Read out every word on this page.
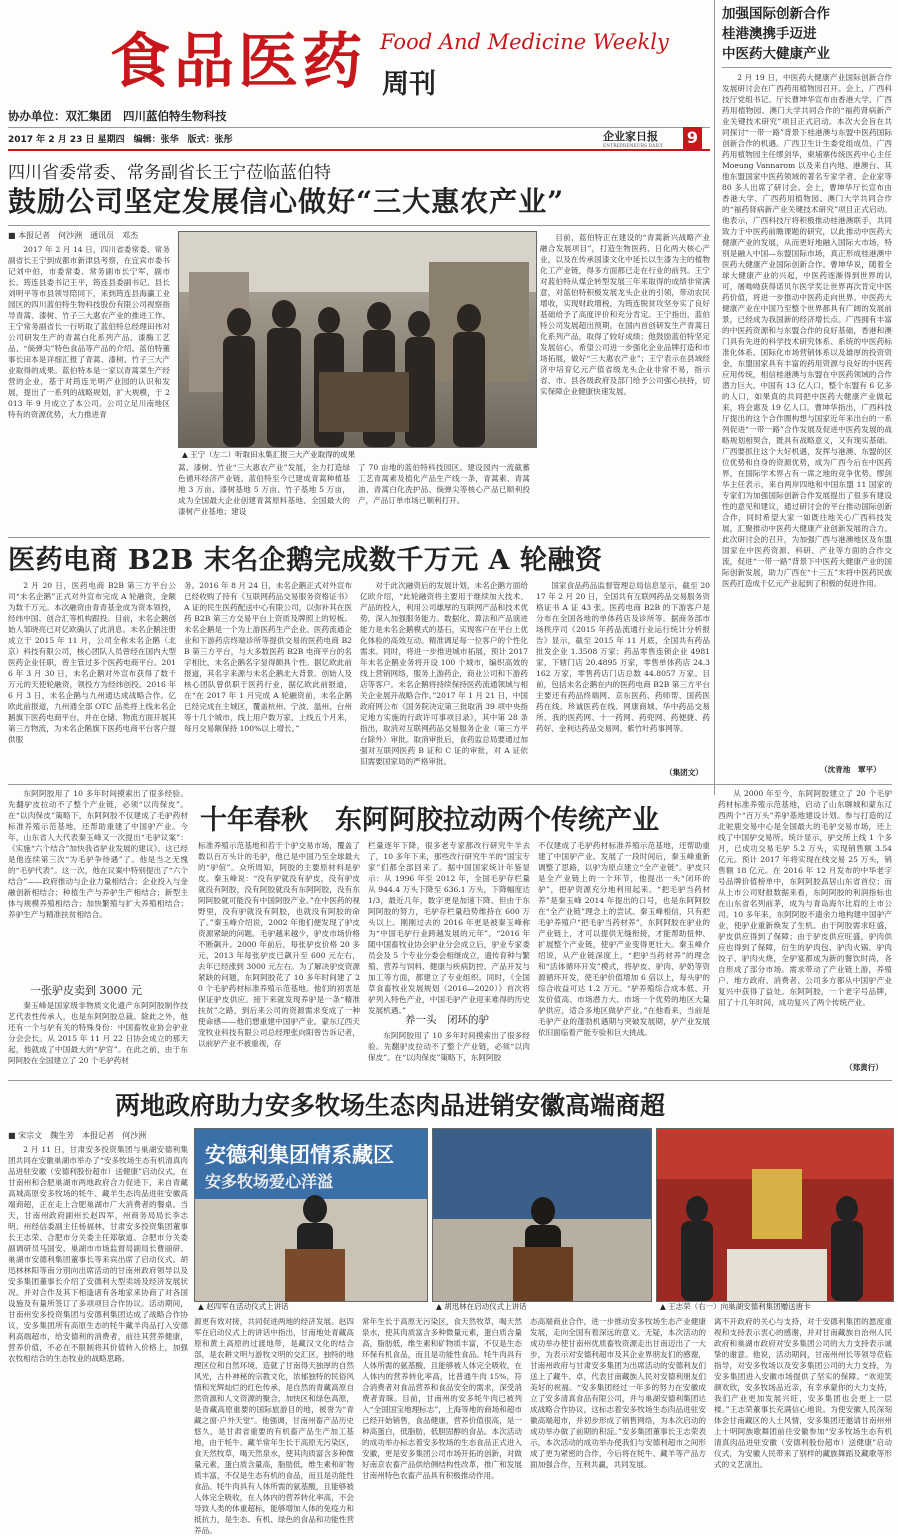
食品医药 Food And Medicine Weekly
周刊
协办单位：双汇集团　四川蓝伯特生物科技
2017 年 2 月 23 日 星期四　编辑：张华　版式：张彤	企业家日报
ENTREPRENEURS DAILY	9
加强国际创新合作
桂港澳携手迈进
中医药大健康产业
2 月 19 日，中医药大健康产业国际创新合作发展研讨会在广西药用植物园召开。会上，广西科技厅党组书记、厅长曹坤华宣布由香港大学、广西药用植物园、澳门大学共同合作的“福药肾病新产业关键技术研究”项目正式启动。本次大会旨在共同探讨“一带一路”背景下桂港澳与东盟中医药国际创新合作的机遇。广西卫生计生委党组成员、广西药用植物园主任缪剑华，柬埔寨传统医药中心主任 Moeung Vannarom 以及来自内地、港澳台、其他东盟国家中医药领域的著名专家学者、企业家等 80 多人出席了研讨会。会上，曹坤华厅长宣布由香港大学、广西药用植物园、澳门大学共同合作的“福药肾病新产业关键技术研究”项目正式启动。他表示，广西科技厅将积极推动桂港澳联手，共同致力于中医药前瞻课题的研究，以此推动中医药大健康产业的发展，从而更好地融入国际大市场，特别是融入中国—东盟国际市场，真正形成桂港澳中医药大健康产业国际创新合作。曹坤华说，随着全球大健康产业的兴起，中医药逐渐得到世界的认可，屠呦呦获得诺贝尔医学奖让世界再次肯定中医药价值，将进一步推动中医药走向世界。中医药大健康产业在中国乃至整个世界都具有广阔的发展前景，已经成为我国新的经济增长点。广西拥有丰富的中医药资源和与东盟合作的良好基础，香港和澳门具有先进的科学技术研究体系、系统的中医药标准化体系、国际化市场营销体系以及雄厚的投资资金，东盟国家具有丰富的药用资源与良好的中医药应用传统，相信桂港澳与东盟在中医药领域的合作潜力巨大。中国有 13 亿人口，整个东盟有 6 亿多的人口，如果真的共同把中医药大健康产业做起来，将会惠及 19 亿人口。曹坤华指出，广西科技厅提出的这个合作圈构想与国家近年来出台的一系列促进“一带一路”合作发展及促进中医药发展的战略规划相契合，既具有战略意义，又有现实基础。广西要抓住这个大好机遇，发挥与港澳、东盟的区位优势和自身的资源优势，成为广西今后在中医药界，在国际学术界占有一席之地的竞争优势。缪剑华主任表示，来自两岸四地和中国东盟 11 国家的专家们为加强国际创新合作发展提出了很多有建设性的意见和建议，通过研讨会的平台推动国际创新合作，同时希望大家一如既往地关心广西科技发展，汇聚推动中医药大健康产业创新发展的合力。此次研讨会的召开，为加强广西与港澳地区及东盟国家在中医药资源、科研、产业等方面的合作交流，促进“一带一路”背景下中医药大健康产业的国际创新发展，助力广西在“十三五”末将中医药民族医药打造成千亿元产业起到了积极的促进作用。
（沈青池　覃平）
四川省委常委、常务副省长王宁莅临蓝伯特
鼓励公司坚定发展信心做好“三大惠农产业”
■ 本报记者　何沙洲　通讯员　邓杰

2017 年 2 月 14 日，四川省委常委、常务副省长王宁到成都市新津县考察，在宜宾市委书记刘中伯，市委常委、常务副市长宁军，副市长、筠连县委书记王平，筠连县委副书记、县长刘明平等市县领导陪同下，来到筠连县海瀛工业园区的四川蓝伯特生物科技股份有限公司视察指导青蒿、漆树、竹子三大惠农产业的推进工作。王宁常务副省长一行听取了蓝伯特总经理田伟对公司研发生产的青蒿白化系列产品、漆酶工艺品、“倘弹尖”特色食品等产品的介绍。蓝伯特董事长田本是详细汇报了青蒿、漆树、竹子三大产业取得的成果。蓝伯特本是一家以青蒿菜生产经营的企业，基于对筠连光明产业园的认识和发展，提出了一系列的战略规划，扩大规模，于 2013 年 9 月成立了本公司。公司立足川南地区特有的资源优势，大力推进青

▲ 王宁（左二）听取田永集汇报三大产业取得的成果
蒿、漆树、竹业“三大惠农产业”发展，全力打造绿色循环经济产业链。蓝伯特至今已建成青蒿种植基地 3 万亩、漆树基地 5 万亩、竹子基地 5 万亩，成为全国最大企业创建青蒿原料基地、全国最大的漆树产业基地；建设
了 70 亩地的蓝伯特科技园区。建设园内一流截蓄工艺青蒿素及植化产品生产线一条，青蒿素、青蒿油、青蒿白化洗护品、倘弹尖等核心产品已顺利投产，产品订单市场已顺利打开。

目前，蓝伯特正在建设的“青蒿新兴战略产业融合发展项目”，打造生物医药、日化两大核心产业，以及在传承国漆文化中延长以生漆为主的植物化工产业链，得多方面都已走在行业的前列。王宁对蓝伯特从煤企转型发展三年来取得的成绩非常满意，对蓝伯特积极发展龙头企业的引领，带动农民增收，实现财政增税，为筠连脱贫攻坚夯实了良好基础给予了高度评价和充分肯定。王宁指出，蓝伯特公司发展超出预期，在国内首创研发生产青蒿日化系列产品，取得了较好成绩；他鼓励蓝伯特坚定发展信心，希望公司进一步强化企业品牌打造和市场拓展，做好“三大惠农产业”；王宁表示在县域经济中培育亿元产值省级龙头企业非常不易，指示省、市、县各级政府及部门给予公司强心扶持，切实保障企业健康快速发展。

医药电商 B2B 末名企鹅完成数千万元 A 轮融资

2 月 20 日，医药电商 B2B 第三方平台公司“未名企鹅”正式对外宣布完成 A 轮融资，金额为数千万元。本次融资由青青基金成为资本领投，经纬中国、创合汇等机构跟投。目前，未名企鹅创始人邹晓亮已对亿欧确认了此消息。未名企鹅注册成立于 2015 年 11 月，公司全称未名企鹅（北京）科技有限公司，核心团队人员曾经在国内大型医药企业任职，曾主管过多个医药电商平台。2016 年 3 月 30 日，未名企鹅对外宣布获得了数千万元的天使轮融资，领投方为经纬创投。2016 年 6 月 3 日，未名企鹅与九州通达成战略合作。亿欧此前报道，九州通全部 OTC 品类将上线未名企鹅旗下医药电商平台，并在仓储、物流方面开展其第三方物流，为未名企鹅旗下医药电商平台客户提供服

务。2016 年 8 月 24 日，未名企鹅正式对外宣布已经收购了持有《互联网药品交易服务资格证书》A 证的民生医药配送中心有限公司，以弥补其在医药 B2B 第三方交易平台上资质及牌照上的短板。未名企鹅是一个为上游医药生产企业、医药流通企业和下游药店终端诊所等提供交易的医药电商 B2B 第三方平台，与大多数医药 B2B 电商平台的名字相比，未名企鹅名字显得颇具个性。据亿欧此前报道，其名字来源与未名企鹅北大背景。创始人及核心团队曾供职于医药行业，据亿欧此前报道，在“在 2017 年 1 月完成 A 轮融资前，未名企鹅已经完成在主城区，覆盖杭州、宁波、温州、台州等十几个城市，线上用户数万家，上线五个月来，每月交易额保持 100%以上增长。”

对于此次融资后的发展计划，未名企鹅方面给亿欧介绍，“此轮融资将主要用于继续加大技术、产品的投入，利用公司雄厚的互联网产品和技术优势，深入加强服务能力。数据化、算法和产品演进能力是未名企鹅模式的基石，实现客户在平台上优化体验的高效互动。精准调足每一位客户的个性化需求。同时，将进一步推进城市拓展，预计 2017 年未名企鹅业务将开设 100 个城市，编织高效的线上营销网络，服务上游药企，商业公司和下游药店等客户。未名企鹅将持续保持医药流通领域与相关企业展开战略合作。”2017 年 1 月 21 日，中国政府网公布《国务院决定第三批取消 39 项中央指定地方实施的行政许可事项目录》，其中第 28 条指出，取消对互联网药品交易服务企业（第三方平台除外）审批。取消审批后，食药监总局要通过加强对互联网医药 B 证和 C 证的审批，对 A 证依旧需要国家局的严格审批。

国家食品药品监督管理总局信息显示，截至 2017 年 2 月 20 日，全国共有互联网药品交易服务资格证书 A 证 43 张。医药电商 B2B 的下游客户是分布在全国各地的单体药店及诊所等。据商务部市场秩序司《2015 年药品流通行业运行统计分析报告》显示，截至 2015 年 11 月底，全国共有药品批发企业 1.3508 万家；药品零售连锁企业 4981 家，下辖门店 20.4895 万家，零售单体药店 24.3162 万家，零售药店门店总数 44.8057 万家。目前，包括未名企鹅在内的医药电商 B2B 第三方平台主要还有药品终端网、京东医药、药师帮、国药医药在线、珍诚医药在线、网康商城、华中药品交易所、我的医药网、十一药网、药兜网、药便捷、药药好、金利达药品交易网、紫竹叶药事网等。

（集团文）
十年春秋　东阿阿胶拉动两个传统产业

东阿阿胶用了 10 多年时间摸索出了很多经验。先翻驴皮拉动不了整个产业链，必须“以肉保皮”。在“以肉保皮”策略下，东阿阿胶不仅建成了毛驴药材标准养殖示范基地，还帮助重建了中国驴产业。今年，山东省人大代表秦玉峰又一次提出“毛驴议案”：《实施“六个结合”加快我省驴业发展的建议》。这已经是他连续第三次“为毛驴争待遇”了。他是当之无愧的“毛驴代表”。这一次，他在议案中特别提出了“六个结合”——政府推动与企业力量相结合；企业投入与金融创新相结合；种植生产与养驴生产相结合；新型主体与规模养殖相结合；加快繁殖与扩大养殖相结合；养驴生产与精准扶贫相结合。

一张驴皮卖到 3000 元

秦玉峰是国家级非物质文化遗产东阿阿胶制作技艺代表性传承人，也是东阿阿胶总裁。除此之外，他还有一个与驴有关的特殊身份：中国畜牧业协会驴业分会会长。从 2015 年 11 月 22 日协会成立的那天起，他就成了中国最大的“驴官”。在此之前，由于东阿阿胶在全国建立了 20 个毛驴药材

标准养殖示范基地和若干个驴交易市场，覆盖了数以百万头计的毛驴，他已是中国乃至全球最大的“驴倌”。众所周知，阿胶的主要原材料是驴皮。秦玉峰说：“没有驴就没有驴皮，没有驴皮就没有阿胶，没有阿胶就没有东阿阿胶，没有东阿阿胶就可能没有中国阿胶产业。”在中医药的视野里，没有驴就没有阿胶，也就没有阿胶的命了。”秦玉峰介绍说，2002 年他们便发现了驴皮资源紧缺的问题。毛驴越来越少，驴皮市场价格不断飙升。2000 年前后，每张驴皮价格 20 多元，2013 年每张驴皮已飙升至 600 元左右，去年已经涨到 3000 元左右。为了解决驴皮资源紧缺的问题，东阿阿胶花了 10 多年时间建了 20 个毛驴药材标准养殖示范基地。他们的初衷是保证驴皮供应。接下来就发现养驴是一条“精准扶贫”之路，到后来公司的资源需求变成了一种使命感——他们想重建中国驴产业。蒙东辽西天宠牧业科技有限公司总经理张向阳曾告诉记者，以前驴产业不被重视，存
栏量逐年下降，很多老专家都改行研究牛羊去了，10 多年下来，那些改行研究牛羊的“国宝专家”们都全部回来了。据中国国家统计年鉴显示：从 1996 年至 2012 年，全国毛驴存栏量从 944.4 万头下降至 636.1 万头，下降幅度达 1/3，最近几年，数字更是加速下降。但由于东阿阿胶的努力，毛驴存栏量趋势维持在 600 万头以上。刚刚过去的 2016 年更是被秦玉峰称为“中国毛驴行业跨越发展的元年”。“2016 年随中国畜牧业协会驴业分会成立后，驴业专家委员会及 5 个专业分委会相继成立，遗传育种与繁殖、营养与饲料、健康与疾病防控、产品开发与加工等方面，都建立了专业组织。同时，《全国草食畜牧业发展规划（2016—2020）》首次将驴列入特色产业，中国毛驴产业迎来难得的历史发展机遇。”
养一头　闭环的驴

东阿阿胶用了 10 多年时间摸索出了很多经验。先翻驴皮拉动不了整个产业链，必须“以肉保皮”。在“以肉保皮”策略下，东阿阿胶

不仅建成了毛驴药材标准养殖示范基地，还帮助重建了中国驴产业。发展了一段时间后，秦玉峰重新调整了思路，以驴为原点建立“全产业链”。驴皮只是全产业链上的一个环节，他提出一头“闭环的驴”，把驴资源充分地利用起来。“把毛驴当药材养”是秦玉峰 2014 年提出的口号，也是东阿阿胶在“全产业链”理念上的尝试。秦玉峰相信，只有把毛驴养殖户“把毛驴当药材养”，东阿阿胶在驴业的产业链上，才可以提供无缝衔接，才能帮助扭伸、扩展整个产业链，使驴产业变得更壮大。秦玉峰介绍说，从产业链深度上，“把驴当药材养”的理念和“活体循环开发”模式，将驴皮、驴肉、驴奶等资源循环开发，使毛驴价值增加 6 倍以上，每头驴的综合收益可达 1.2 万元。“驴养殖综合成本低、开发价值高、市场潜力大、市场一个优势的地区大量驴供应，适合多地区做驴产业。”在他看来，当前是毛驴产业的蓬勃机遇期与突破发展期，驴产业发展依旧面临着产能专验和巨大挑战。

从 2000 年至今，东阿阿胶建立了 20 个毛驴药材标准养殖示范基地，启动了山东聊城和蒙东辽西两个“百万头”养驴基地建设计划。参与打造的辽北驼鹿交易中心是全国最大的毛驴交易市场，还上线了中国驴交易所。统计显示，驴交所上线 1 个多月，已成功交易毛驴 5.2 万头，实现销售额 3.54 亿元。预计 2017 年将实现在线交易 25 万头，销售额 18 亿元。在 2016 年 12 月发布的中华老字号品牌价值榜单中，东阿阿胶高居山东省首位；而从上市公司财报数据来看，东阿阿胶的利润指标也在山东省名列前茅，成为与青岛海尔比肩的上市公司。10 多年来，东阿阿胶不遗余力地构建中国驴产业，使驴业重新焕发了生机。由于阿胶需求旺盛，驴皮供应得到了保障；由于驴皮供应旺盛，驴肉供应也得到了保障，衍生的驴肉包、驴肉火锅、驴肉饺子、驴肉火烧，全驴宴都成为新的餐饮时尚，各自形成了部分市场。需求带动了产业链上游，养殖户、地方政府、消费者、公司多方都从中国驴产业复兴中获得了益处。东阿阿胶，一个老字号品牌，用了十几年时间，成功复兴了两个传统产业。

（郑黄行）
两地政府助力安多牧场生态肉品进销安徽高端商超
■ 宋宗文　魏生芳　本报记者　何沙洲

2 月 11 日，甘肃安多投资集团与巢湖安德利集团共同在安徽巢湖市举办了“安多牧场生态有机清真肉品进驻安徽（安德利股份超市）送健康”启动仪式，在甘南州和合肥巢湖市两地政府合力促进下，来自青藏高城高原安多牧场的牦牛、藏羊生态肉品进驻安徽高端商超，正在走上合肥巢湖市广大消费者的餐桌。当天，甘南州政府副州长赵四军，州商务局局长李志明、州经信委副主任杨福林、甘肃安多投资集团董事长王志荣、合肥市分关委主任郑敏道、合肥市分关委副调研员马国安、巢湖市市场监督局副局长曹丽研、巢湖市安德利集团董事长等来宾出席了启动仪式。胡迅林林阳等南分别向出席活动的甘南州政府领导以及安多集团董事长介绍了安德利大型卖场及经济发展状况。并对合作及其下相逢诸有各地家来协商了对各国设施及有量所签订了多项项目合作协议。活动期间，甘南州安多投资集团与安德利集团达成了战略合作协议，安多集团所有高原生态的牦牛藏羊肉品打入安德利高端超市，给安德利的消费者，前往其营养健康，营养价值，不必在不限制将其价值转入价格上，加强农牧相结合的生态牧业的战略思路。

安德利集团情系藏区
安多牧场爱心洋溢
▲ 赵四军在活动仪式上讲话	▲ 胡迅林在启动仪式上讲话	▲ 王志荣（右一）向巢湖安德利集团赠送唐卡
源更有效对接，共同促进两地的经济发展。赵四军在启动仪式上的讲话中指出，甘南地处青藏高原和黄土高原的过渡地带，是藏汉文化的结合部，是农耕文明与游牧文明的交汇区，独特的地理区位和自然环境，造就了甘南得天独厚的自然风光，古朴神秘的宗教文化，浓郁独特的民俗风情和光辉灿烂的红色传承，是自然的青藏高原自然资源和人文资源的聚合，加快区和绿色高原，是青藏高原重要的国际旅游目的地，被誉为“青藏之窗·户外天堂”。他强调，甘南州畜产品历史悠久，是甘肃省重要的有机畜产品生产加工基地，由于牦牛、藏羊常年生长于高原无污染区，食天然牧草，喝天然泉水，使其肉质富含多种微量元素，蛋白质含量高，脂肪低，维生素和矿物质丰富，不仅是生态有机的食品，而且是功能性食品。牦牛肉具有人体所需的氨基酸，且能够被人体完全吸收，在人体内的营养转化率高，不会导致人类的体重超标，能够增加人体的免疫力和抵抗力，是生态、有机、绿色的食品和功能性营养品。
常年生长于高原无污染区，食天然牧草，喝天然泉水，使其肉质富含多种微量元素，蛋白质含量高，脂肪低，维生素和矿物质丰富，不仅是生态环保有机食品，而且是功能性食品。牦牛肉具有人体所需的氨基酸，且能够被人体完全吸收，在人体内的营养转化率高，比普通牛肉 15%，符合消费者对食品营养和食品安全的需求，深受消费者青睐。目前，甘南州的安多牦牛肉已被列入“全国国宝地理标志”，上海等地的商场和超市已经开始销售，食品健康，营养价值很高，是一种高蛋白，低脂肪，低胆固醇的食品。本次活动的成功举办标志着安多牧场的生态食品正式进入安徽，更是安多集团公司市场开拓的创新，对做好南京农畜产品供给侧结构性改革，推广和发展甘南州特色农畜产品具有积极推动作用。
态高端商业合作，进一步推动安多牧场生态产业健康发展，走向全国有着深远的意义。无疑，本次活动的成功举办使甘南州优质畜牧资源走出甘南迈出了一大步，为表示对安德利超市及其企业界朋友们的感谢，甘南州政府与甘肃安多集团为出席活动的安德利友们送上了藏牛、卓，代表甘南藏族人民对安德利朋友们美好的祝福。“安多集团经过一年多的努力在安徽成立了安多清真食品有限公司，并与巢湖安德利集团达成战略合作协议，这标志着安多牧场生态肉品进驻安徽高端超市，并初步形成了销售网络，为本次启动的成功举办做了前期的积淀。”安多集团董事长王志荣表示，本次活动的成功举办使我们与安德利超市之间形成了更为紧密的合作，今后将在牦牛、藏羊等产品方面加强合作，互利共赢，共同发展。
离不开政府的关心与支持，对于安德利集团的愿度重视和支持表示衷心的感谢，并对甘南藏族自治州人民政府和巢湖市政府对安多集团公司的大力支持表示诚挚的谢意。他说，活动期间，甘南州州长等领导莅临指导，对安多牧场以及安多集团公司的大力支持，为安多集团进入安徽市场提供了坚实的保障。“欢迎笑颜欢欣，安多牧场品近亲，有幸承蒙你的大力支持，我们产业更加发展兴旺，安多集团也会更上一层楼。”王志荣董事长充满信心地说。为使安徽人民深刻体会甘南藏区的人土风情，安多集团还邀请甘南州州上十明阿族歌舞团前往安徽参加“安多牧场生态有机清真肉品进驻安徽（安德利股份超市）送健康”启动仪式，为安徽人民带来了别样的藏族舞蹈及藏歌等形式的文艺演出。
